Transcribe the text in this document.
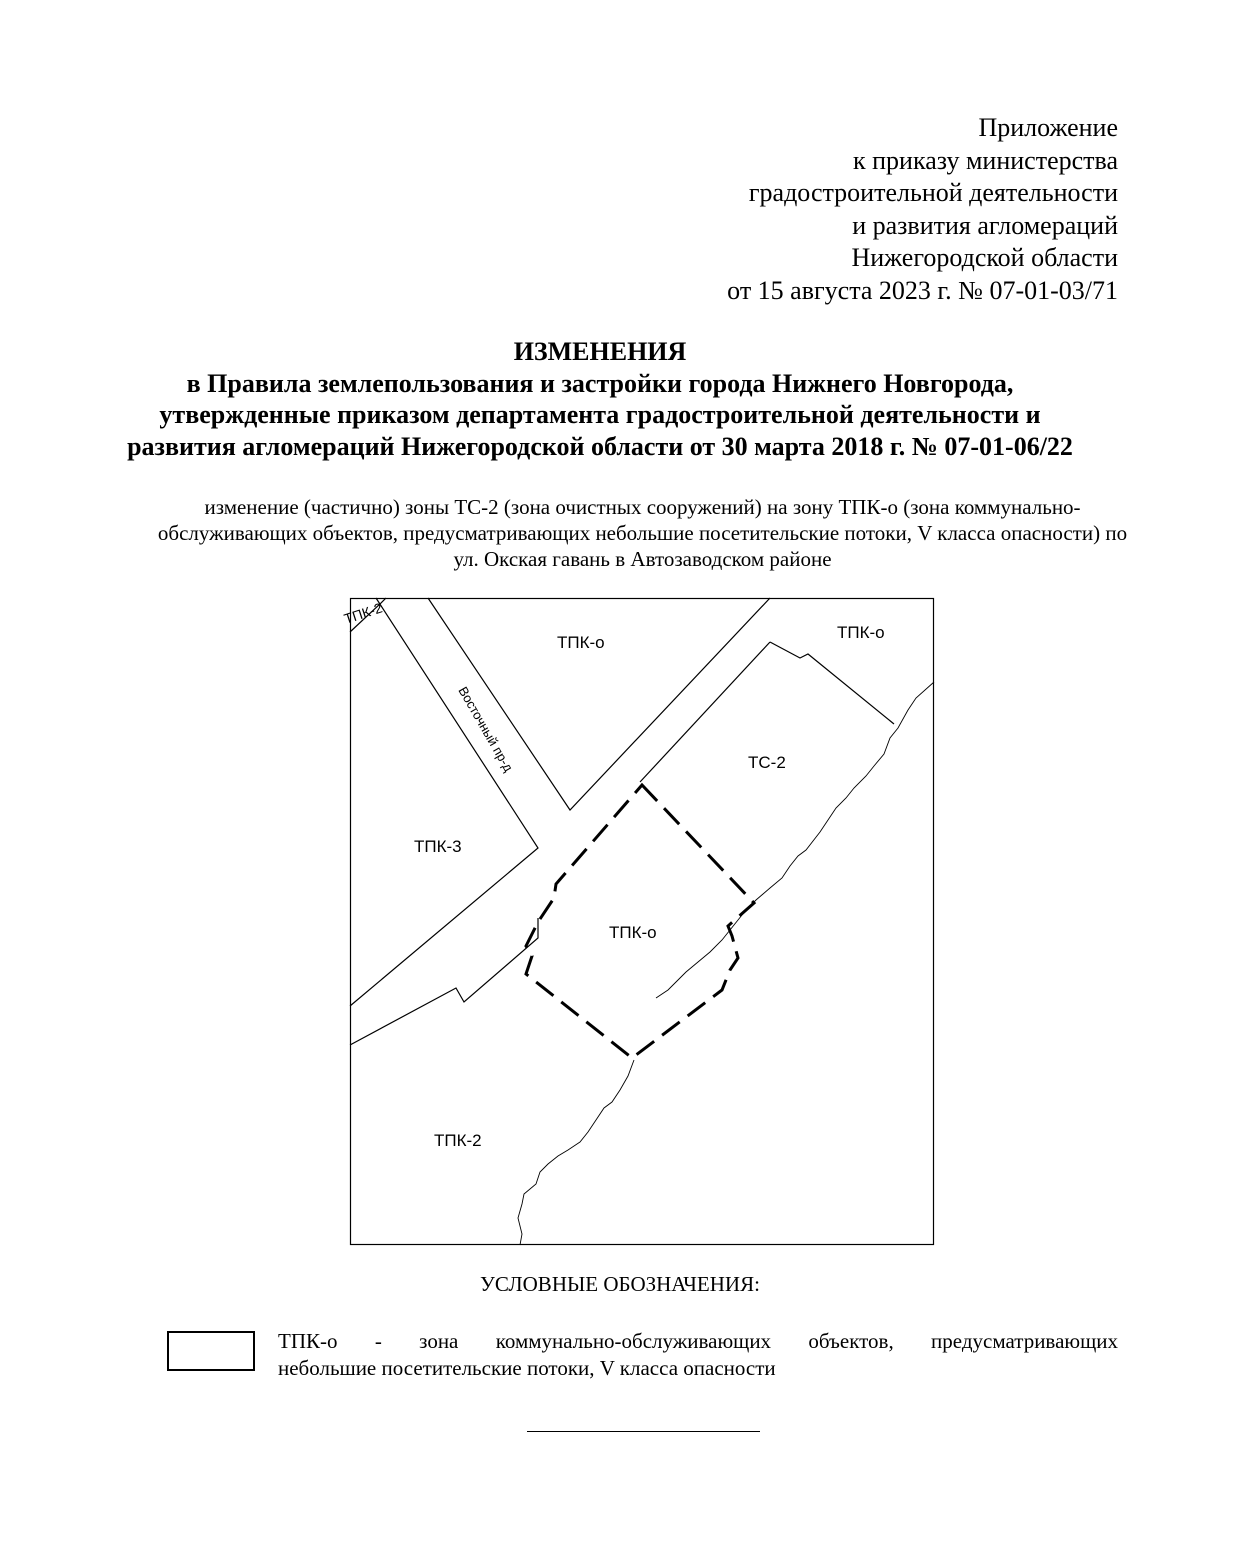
Приложение
к приказу министерства
градостроительной деятельности
и развития агломераций
Нижегородской области
от 15 августа 2023 г. № 07-01-03/71
ИЗМЕНЕНИЯ
в Правила землепользования и застройки города Нижнего Новгорода,
утвержденные приказом департамента градостроительной деятельности и
развития агломераций Нижегородской области от 30 марта 2018 г. № 07-01-06/22
изменение (частично) зоны ТС-2 (зона очистных сооружений) на зону ТПК-о (зона коммунально-обслуживающих объектов, предусматривающих небольшие посетительские потоки, V класса опасности) по ул. Окская гавань в Автозаводском районе
ТПК-о
ТПК-о
ТС-2
ТПК-3
ТПК-о
ТПК-2
ТПК-2
Восточный пр-д
УСЛОВНЫЕ ОБОЗНАЧЕНИЯ:
ТПК-о - зона коммунально-обслуживающих объектов, предусматривающих
небольшие посетительские потоки, V класса опасности
